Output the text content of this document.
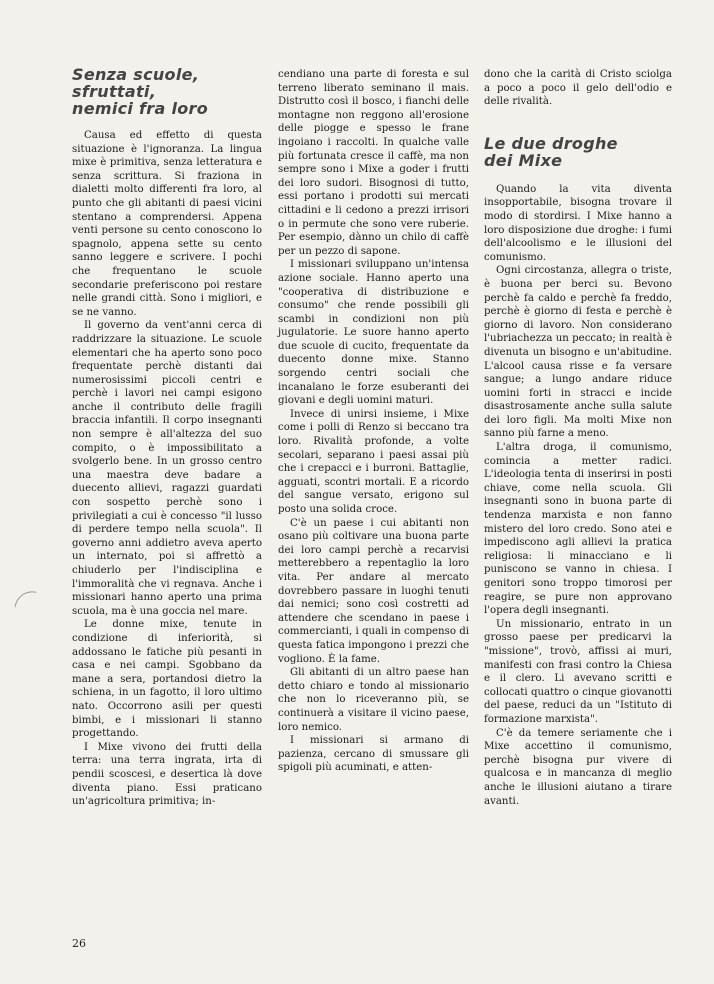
Senza scuole,
sfruttati,
nemici fra loro

Causa ed effetto di questa situazione è l'ignoranza. La lingua mixe è primitiva, senza letteratura e senza scrittura. Si frazionа in dialetti molto differenti fra loro, al punto che gli abitanti di paesi vicini stentano a comprendersi. Appena venti persone su cento conoscono lo spagnolo, appena sette su cento sanno leggere e scrivere. I pochi che frequentano le scuole secondarie preferiscono poi restare nelle grandi città. Sono i migliori, e se ne vanno.

Il governo da vent'anni cerca di raddrizzare la situazione. Le scuole elementari che ha aperto sono poco frequentate perchè distanti dai numerosissimi piccoli centri e perchè i lavori nei campi esigono anche il contributo delle fragili braccia infantili. Il corpo insegnanti non sempre è all'altezza del suo compito, o è impossibilitato a svolgerlo bene. In un grosso centro una maestra deve badare a duecento allievi, ragazzi guardati con sospetto perchè sono i privilegiati a cui è concesso "il lusso di perdere tempo nella scuola". Il governo anni addietro aveva aperto un internato, poi si affrettò a chiuderlo per l'indisciplina e l'immoralità che vi regnava. Anche i missionari hanno aperto una prima scuola, ma è una goccia nel mare.

Le donne mixe, tenute in condizione di inferiorità, si addossano le fatiche più pesanti in casa e nei campi. Sgobbano da mane a sera, portandosi dietro la schiena, in un fagotto, il loro ultimo nato. Occorrono asili per questi bimbi, e i missionari li stanno progettando.

I Mixe vivono dei frutti della terra: una terra ingrata, irta di pendii scoscesi, e desertica là dove diventa piano. Essi praticano un'agricoltura primitiva; in-

cendiano una parte di foresta e sul terreno liberato seminano il mais. Distrutto così il bosco, i fianchi delle montagne non reggono all'erosione delle piogge e spesso le frane ingoiano i raccolti. In qualche valle più fortunata cresce il caffè, ma non sempre sono i Mixe a goder i frutti dei loro sudori. Bisognosi di tutto, essi portano i prodotti sui mercati cittadini e li cedono a prezzi irrisori o in permute che sono vere ruberie. Per esempio, dànno un chilo di caffè per un pezzo di sapone.

I missionari sviluppano un'intensa azione sociale. Hanno aperto una "cooperativa di distribuzione e consumo" che rende possibili gli scambi in condizioni non più jugulatorie. Le suore hanno aperto due scuole di cucito, frequentate da duecento donne mixe. Stanno sorgendo centri sociali che incanalano le forze esuberanti dei giovani e degli uomini maturi.

Invece di unirsi insieme, i Mixe come i polli di Renzo si beccano tra loro. Rivalità profonde, a volte secolari, separano i paesi assai più che i crepacci e i burroni. Battaglie, agguati, scontri mortali. E a ricordo del sangue versato, erigono sul posto una solida croce.

C'è un paese i cui abitanti non osano più coltivare una buona parte dei loro campi perchè a recarvisi metterebbero a repentaglio la loro vita. Per andare al mercato dovrebbero passare in luoghi tenuti dai nemici; sono così costretti ad attendere che scendano in paese i commercianti, i quali in compenso di questa fatica impongono i prezzi che vogliono. È la fame.

Gli abitanti di un altro paese han detto chiaro e tondo al missionario che non lo riceveranno più, se continuerà a visitare il vicino paese, loro nemico.

I missionari si armano di pazienza, cercano di smussare gli spigoli più acuminati, e atten-

dono che la carità di Cristo sciolga a poco a poco il gelo dell'odio e delle rivalità.

Le due droghe
dei Mixe

Quando la vita diventa insopportabile, bisogna trovare il modo di stordirsi. I Mixe hanno a loro disposizione due droghe: i fumi dell'alcoolismo e le illusioni del comunismo.

Ogni circostanza, allegra o triste, è buona per berci su. Bevono perchè fa caldo e perchè fa freddo, perchè è giorno di festa e perchè è giorno di lavoro. Non considerano l'ubriachezza un peccato; in realtà è divenuta un bisogno e un'abitudine. L'alcool causa risse e fa versare sangue; a lungo andare riduce uomini forti in stracci e incide disastrosamente anche sulla salute dei loro figli. Ma molti Mixe non sanno più farne a meno.

L'altra droga, il comunismo, comincia a metter radici. L'ideologia tenta di inserirsi in posti chiave, come nella scuola. Gli insegnanti sono in buona parte di tendenza marxista e non fanno mistero del loro credo. Sono atei e impediscono agli allievi la pratica religiosa: li minacciano e li puniscono se vanno in chiesa. I genitori sono troppo timorosi per reagire, se pure non approvano l'opera degli insegnanti.

Un missionario, entrato in un grosso paese per predicarvi la "missione", trovò, affissi ai muri, manifesti con frasi contro la Chiesa e il clero. Li avevano scritti e collocati quattro o cinque giovanotti del paese, reduci da un "Istituto di formazione marxista".

C'è da temere seriamente che i Mixe accettino il comunismo, perchè bisogna pur vivere di qualcosa e in mancanza di meglio anche le illusioni aiutano a tirare avanti.

26
